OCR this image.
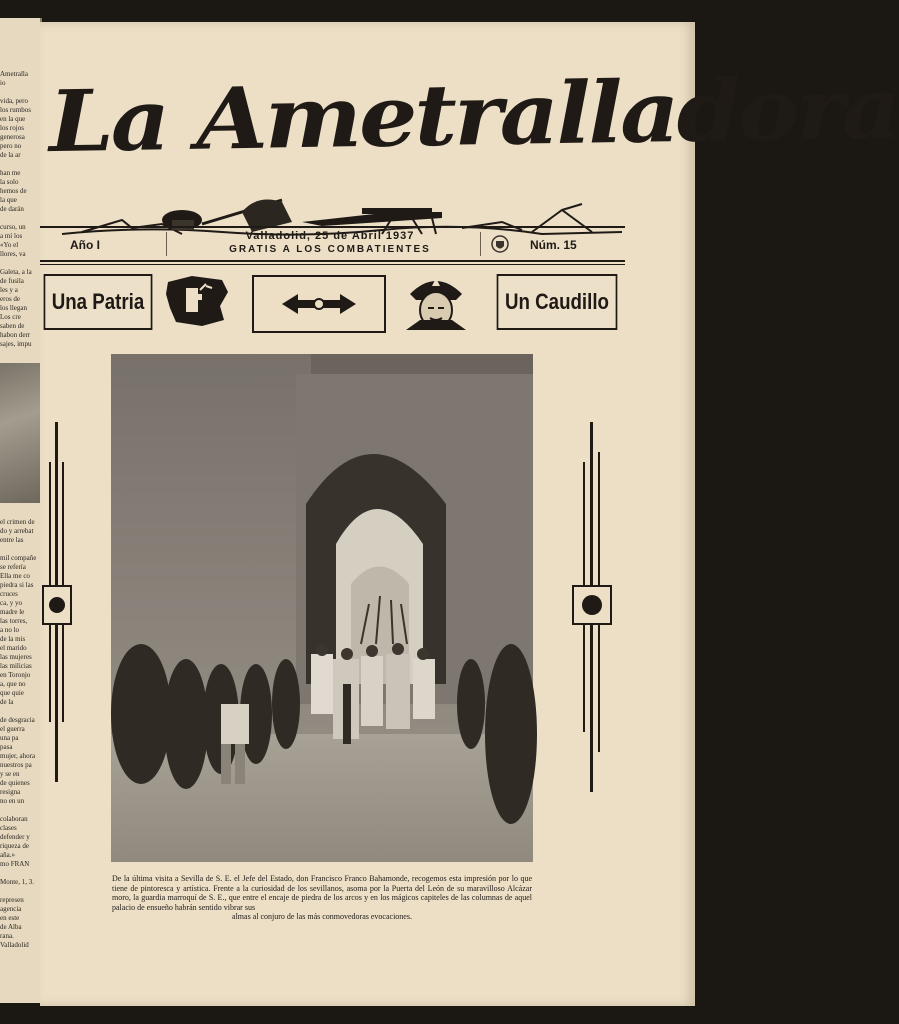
Ametralla
io

vida, pero
los rumbos
en la que
los rojos
generosa
pero no
de la ar

han me
la solo
hemos de
la que
de darán

curso, un
a mí los
«Yo el
llores, va

Galeta, a la
de fusila
les y a
eros de
los llegan
Los cre
saben de
habon derr
sajes, impu
el crimen de
do y arrebat
entre las

mil compañe
se refería
Ella me co
piedra si las
cruces
ca, y yo
madre le
las torres,
a no lo
de la mis
el marido
las mujeres
las milicias
en Toronjo
a, que no
que quie
de la

de desgracia
el guerra
una pa
pasa
mujer, ahora
nuestros pa
y se en
de quienes
resigna
no en un

colaboran
clases
defender y
riqueza de
aña.»
mo FRAN

Monte, 1, 3.

represen
agencia
en este
de Alba
rana.
Valladolid
La Ametralladora
Año I
Valladolid, 25 de Abril 1937
GRATIS A LOS COMBATIENTES	Núm. 15
Una Patria	Un Caudillo
De la última visita a Sevilla de S. E. el Jefe del Estado, don Francisco Franco Bahamonde, recogemos esta impresión por lo que tiene de pintoresca y artística. Frente a la curiosidad de los sevillanos, asoma por la Puerta del León de su maravilloso Alcázar moro, la guardia marroquí de S. E., que entre el encaje de piedra de los arcos y en los mágicos capiteles de las columnas de aquel palacio de ensueño habrán sentido vibrar sus
almas al conjuro de las más conmovedoras evocaciones.
